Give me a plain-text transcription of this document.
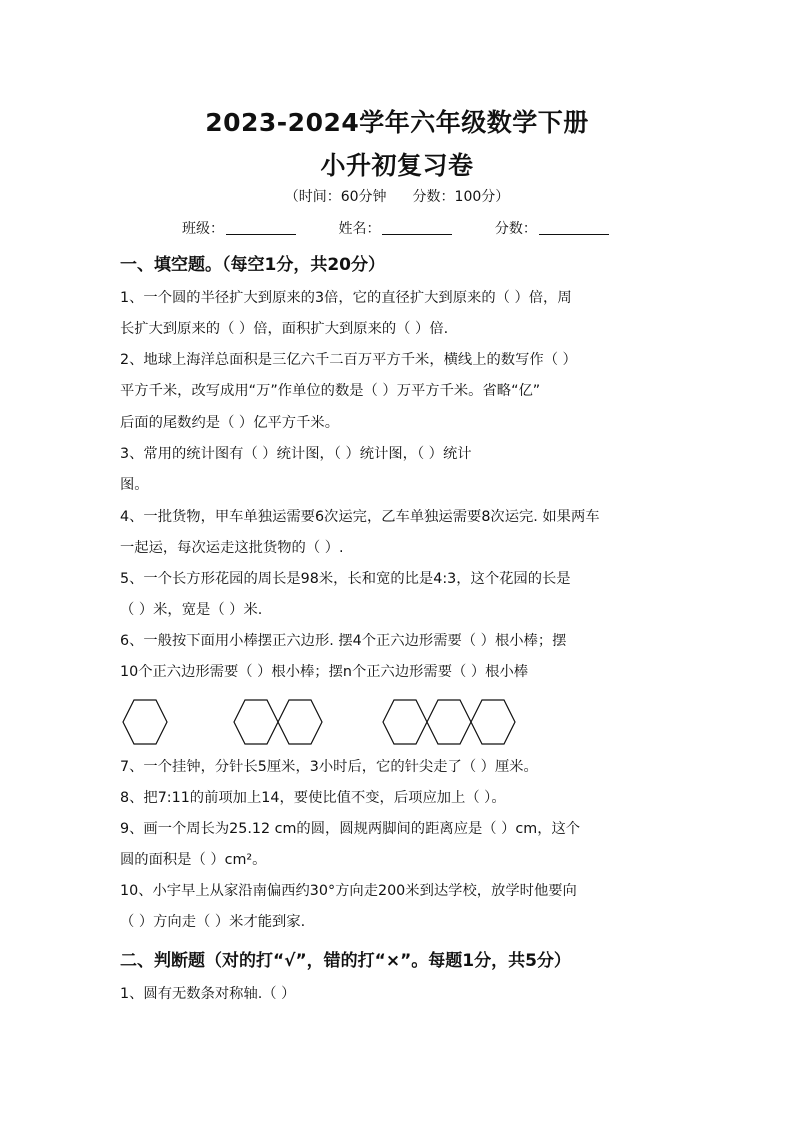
2023-2024学年六年级数学下册
小升初复习卷
（时间：60分钟 分数：100分）
班级：	姓名：	分数：
一、填空题。（每空1分，共20分）
1、一个圆的半径扩大到原来的3倍，它的直径扩大到原来的（ ）倍，周
长扩大到原来的（ ）倍，面积扩大到原来的（ ）倍.
2、地球上海洋总面积是三亿六千二百万平方千米，横线上的数写作（ ）
平方千米，改写成用“万”作单位的数是（ ）万平方千米。省略“亿”
后面的尾数约是（ ）亿平方千米。
3、常用的统计图有（ ）统计图，（ ）统计图，（ ）统计
图。
4、一批货物，甲车单独运需要6次运完，乙车单独运需要8次运完. 如果两车
一起运，每次运走这批货物的（ ）.
5、一个长方形花园的周长是98米，长和宽的比是4:3，这个花园的长是
（ ）米，宽是（ ）米.
6、一般按下面用小棒摆正六边形. 摆4个正六边形需要（ ）根小棒；摆
10个正六边形需要（ ）根小棒；摆n个正六边形需要（ ）根小棒
7、一个挂钟，分针长5厘米，3小时后，它的针尖走了（ ）厘米。
8、把7:11的前项加上14，要使比值不变，后项应加上（ ）。
9、画一个周长为25.12 cm的圆，圆规两脚间的距离应是（ ）cm，这个
圆的面积是（ ）cm²。
10、小宇早上从家沿南偏西约30°方向走200米到达学校，放学时他要向
（ ）方向走（ ）米才能到家.
二、判断题（对的打“√”，错的打“×”。每题1分，共5分）
1、圆有无数条对称轴.（ ）
